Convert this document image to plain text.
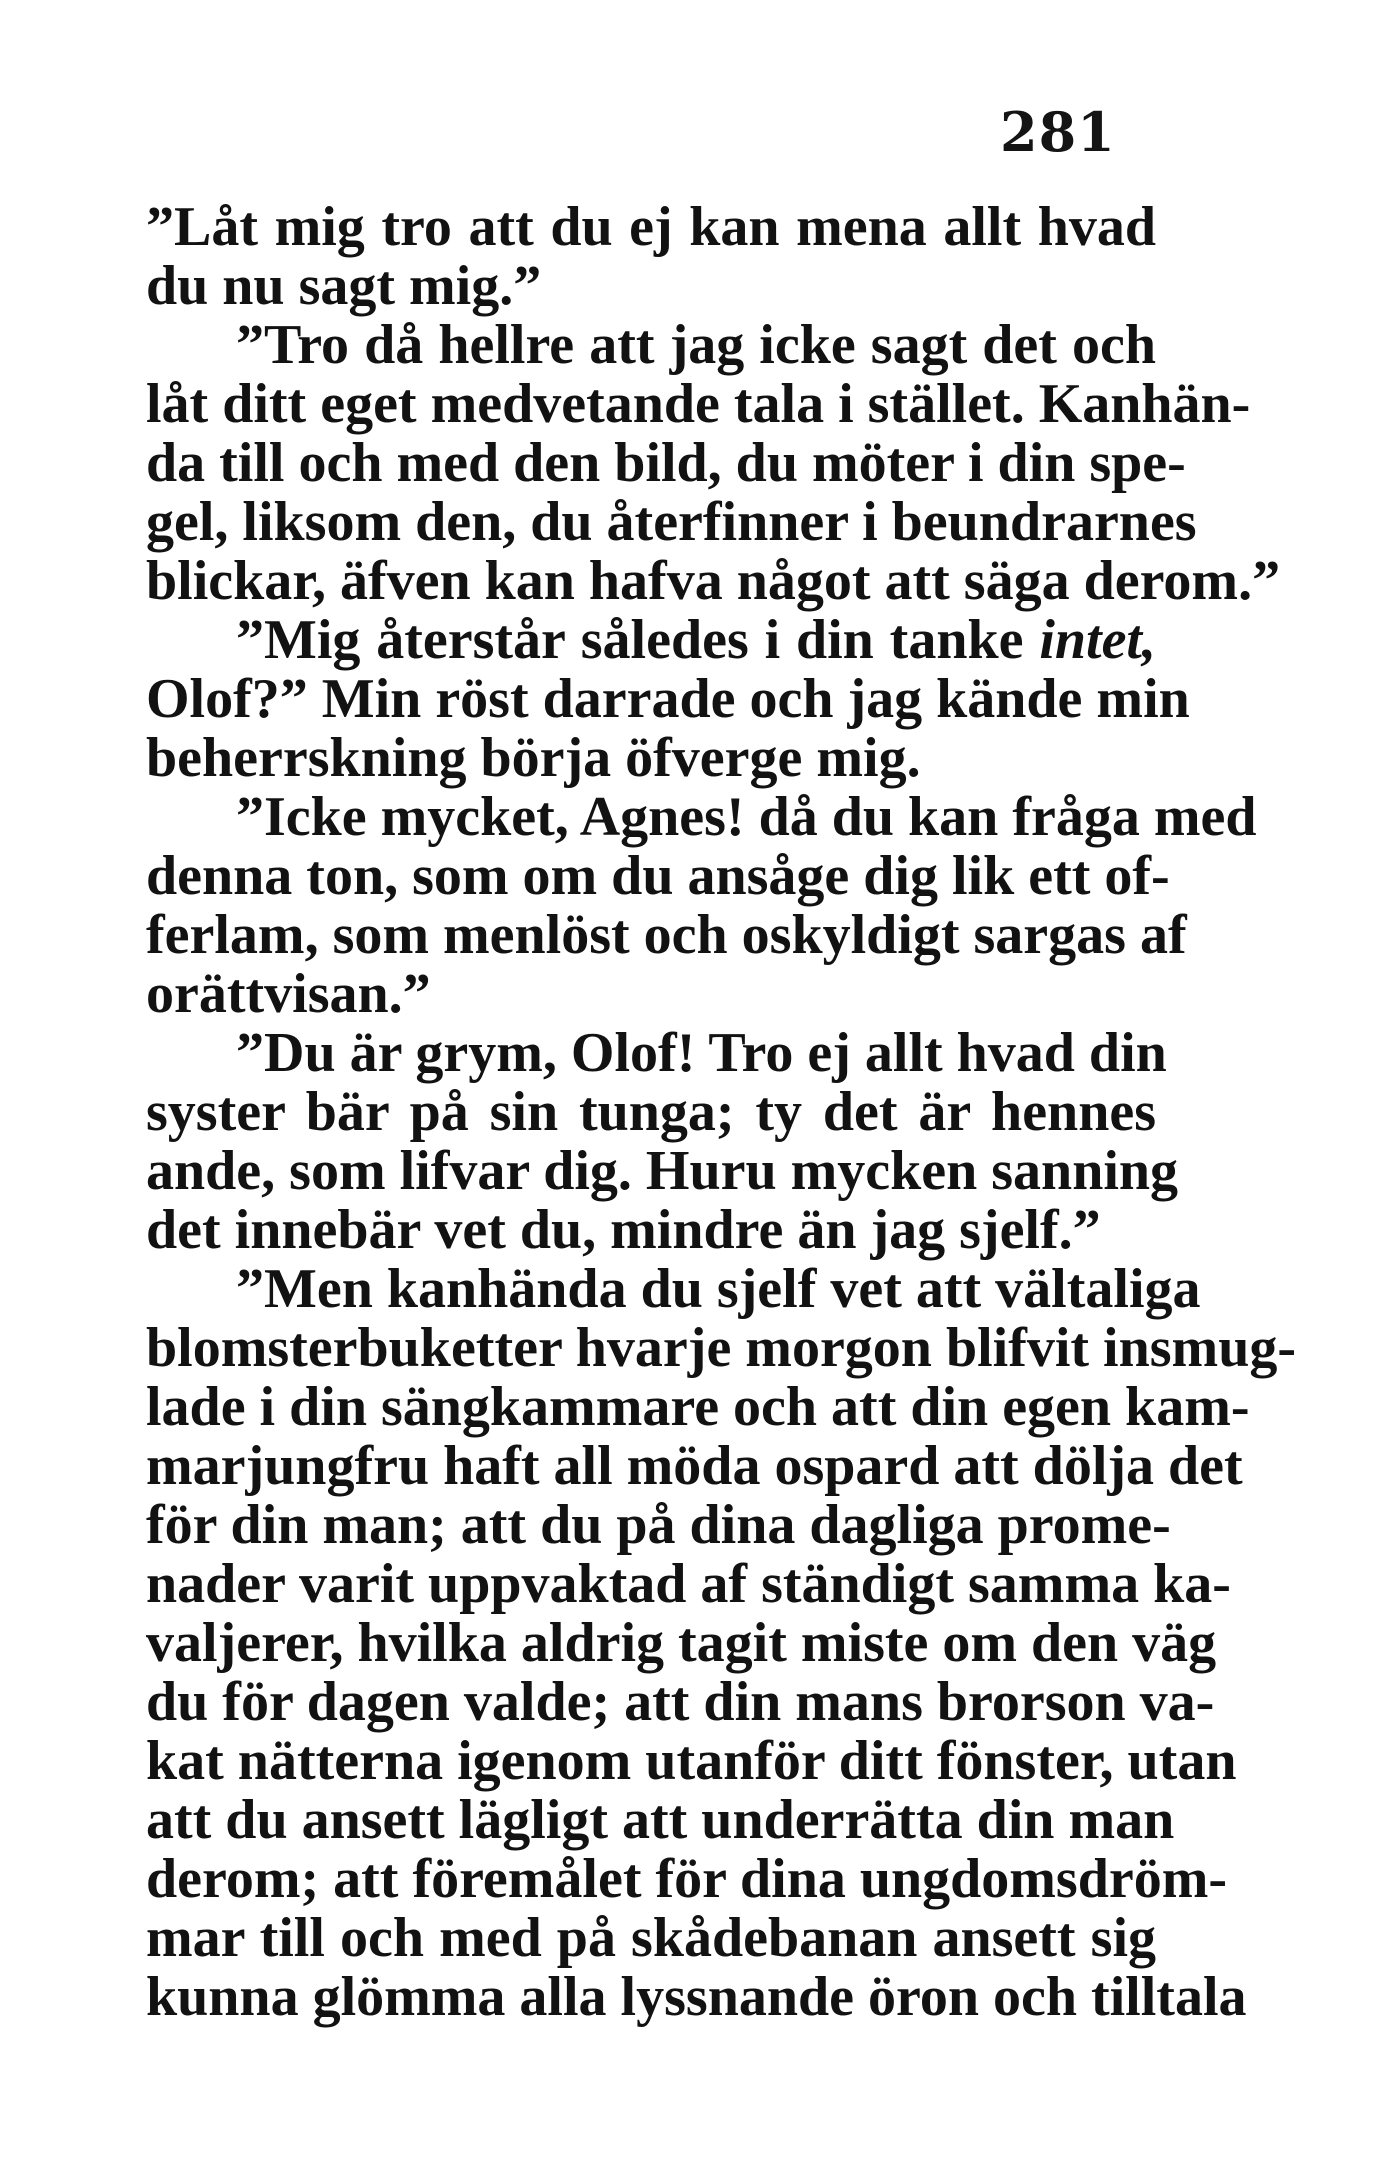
281
”Låt mig tro att du ej kan mena allt hvad
du nu sagt mig.”
”Tro då hellre att jag icke sagt det och
låt ditt eget medvetande tala i stället. Kanhän-
da till och med den bild, du möter i din spe-
gel, liksom den, du återfinner i beundrarnes
blickar, äfven kan hafva något att säga derom.”
”Mig återstår således i din tanke intet,
Olof?” Min röst darrade och jag kände min
beherrskning börja öfverge mig.
”Icke mycket, Agnes! då du kan fråga med
denna ton, som om du ansåge dig lik ett of-
ferlam, som menlöst och oskyldigt sargas af
orättvisan.”
”Du är grym, Olof! Tro ej allt hvad din
syster bär på sin tunga; ty det är hennes
ande, som lifvar dig. Huru mycken sanning
det innebär vet du, mindre än jag sjelf.”
”Men kanhända du sjelf vet att vältaliga
blomsterbuketter hvarje morgon blifvit insmug-
lade i din sängkammare och att din egen kam-
marjungfru haft all möda ospard att dölja det
för din man; att du på dina dagliga prome-
nader varit uppvaktad af ständigt samma ka-
valjerer, hvilka aldrig tagit miste om den väg
du för dagen valde; att din mans brorson va-
kat nätterna igenom utanför ditt fönster, utan
att du ansett lägligt att underrätta din man
derom; att föremålet för dina ungdomsdröm-
mar till och med på skådebanan ansett sig
kunna glömma alla lyssnande öron och tilltala
